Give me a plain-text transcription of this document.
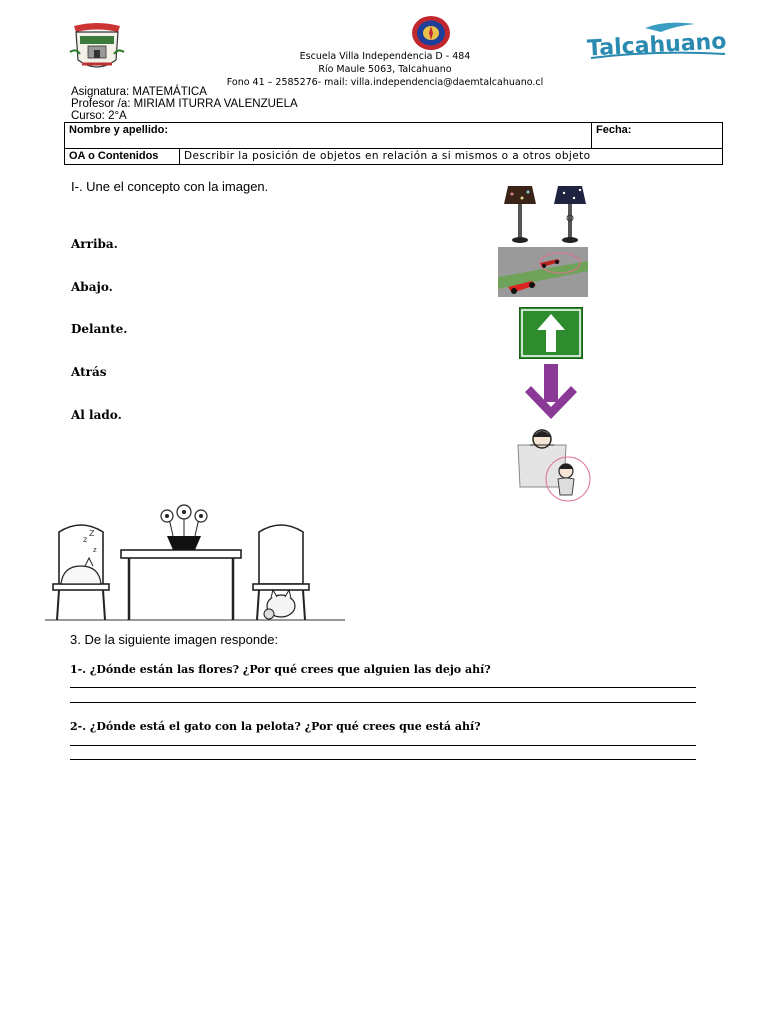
Talcahuano
Escuela Villa Independencia D - 484
Río Maule 5063, Talcahuano
Fono 41 – 2585276- mail: villa.independencia@daemtalcahuano.cl
Asignatura: MATEMÁTICA
Profesor /a: MIRIAM ITURRA VALENZUELA
Curso: 2°A
Nombre y apellido:		Fecha:
OA o Contenidos	Describir la posición de objetos en relación a si mismos o a otros objeto	
I-. Une el concepto con la imagen.
Arriba.
Abajo.
Delante.
Atrás
Al lado.
z
Z
z
3. De la siguiente imagen responde:
1-. ¿Dónde están las flores? ¿Por qué crees que alguien las dejo ahí?
2-. ¿Dónde está el gato con la pelota? ¿Por qué crees que está ahí?
